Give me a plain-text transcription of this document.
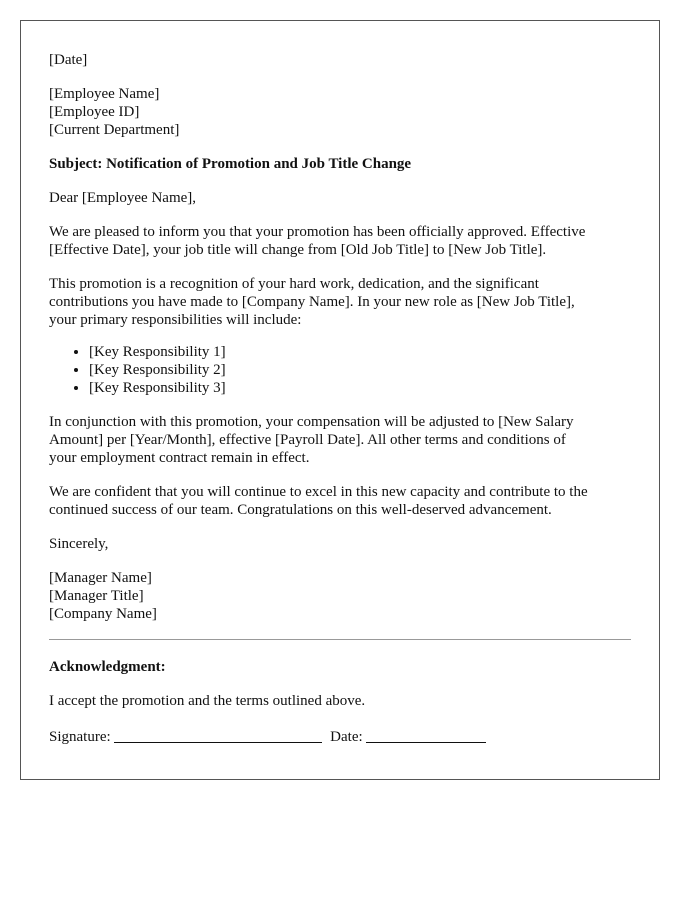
[Date]

[Employee Name]
[Employee ID]
[Current Department]

Subject: Notification of Promotion and Job Title Change

Dear [Employee Name],

We are pleased to inform you that your promotion has been officially approved. Effective
[Effective Date], your job title will change from [Old Job Title] to [New Job Title].

This promotion is a recognition of your hard work, dedication, and the significant
contributions you have made to [Company Name]. In your new role as [New Job Title],
your primary responsibilities will include:

• [Key Responsibility 1]
• [Key Responsibility 2]
• [Key Responsibility 3]

In conjunction with this promotion, your compensation will be adjusted to [New Salary
Amount] per [Year/Month], effective [Payroll Date]. All other terms and conditions of
your employment contract remain in effect.

We are confident that you will continue to excel in this new capacity and contribute to the
continued success of our team. Congratulations on this well-deserved advancement.

Sincerely,

[Manager Name]
[Manager Title]
[Company Name]

Acknowledgment:

I accept the promotion and the terms outlined above.

Signature:	Date:
